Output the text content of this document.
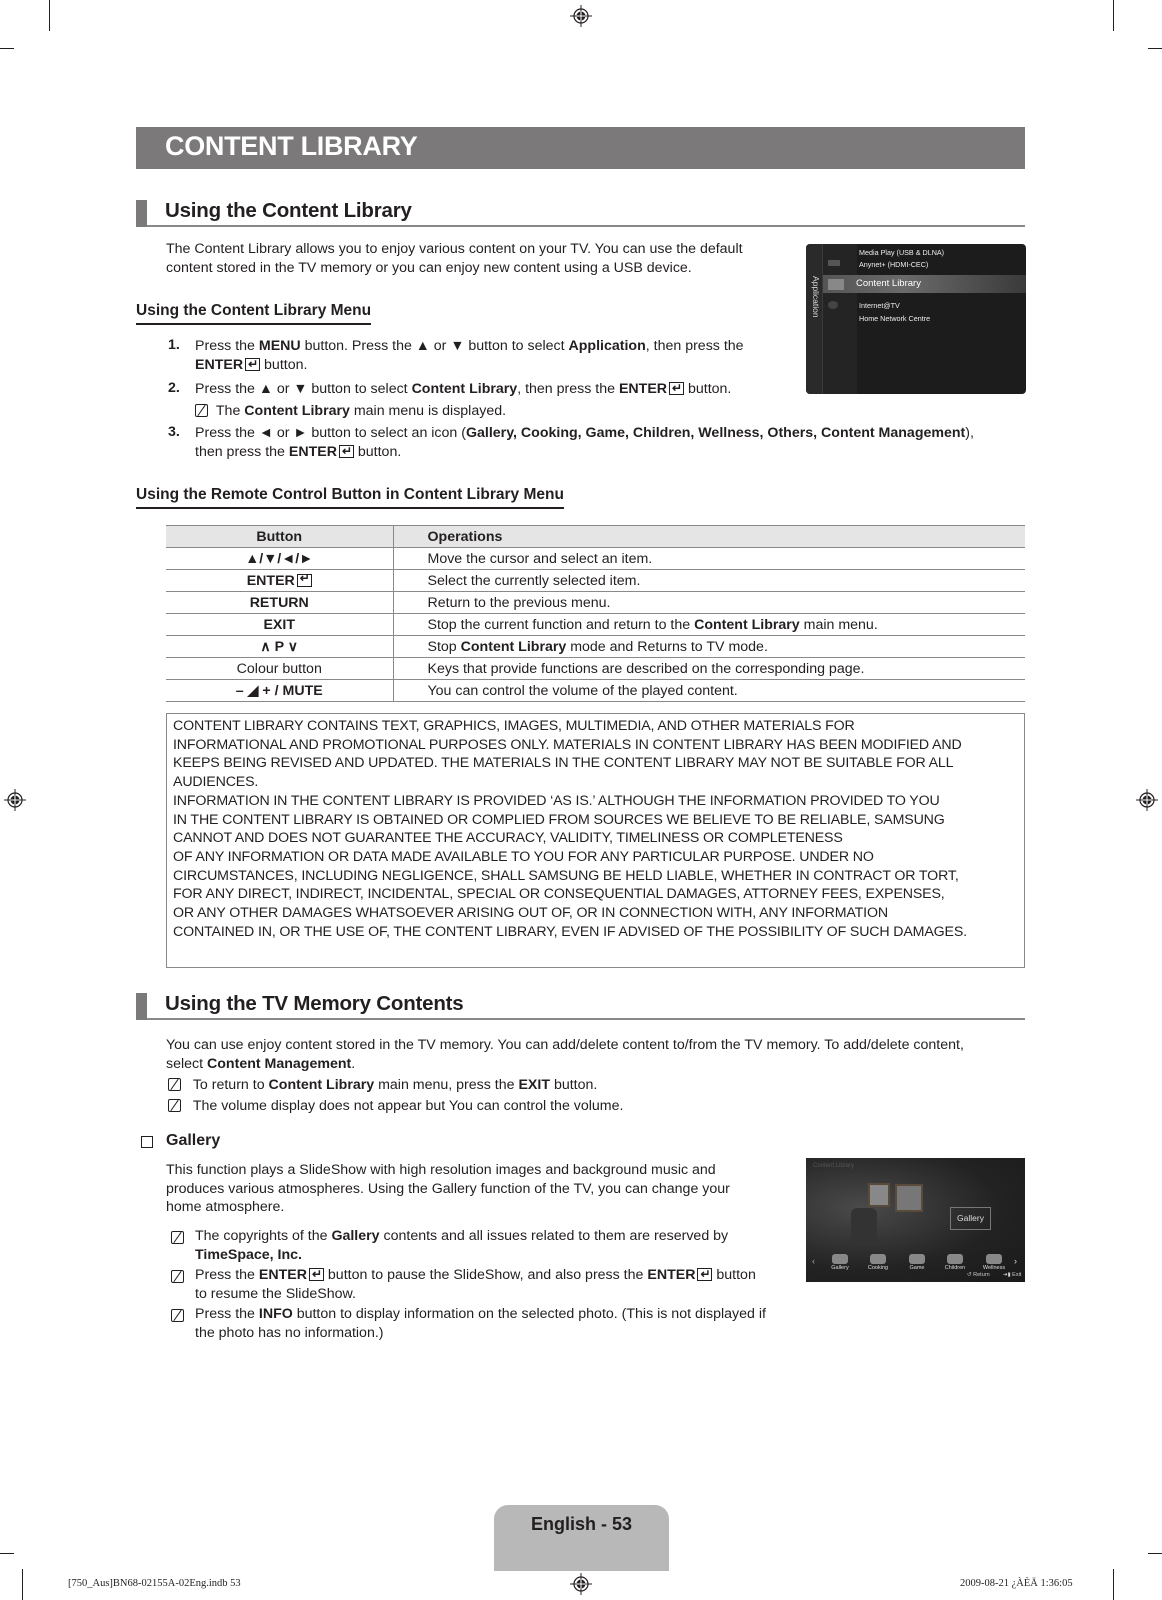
CONTENT LIBRARY
Using the Content Library
The Content Library allows you to enjoy various content on your TV. You can use the default
content stored in the TV memory or you can enjoy new content using a USB device.
Using the Content Library Menu
1. Press the MENU button. Press the ▲ or ▼ button to select Application, then press the
ENTER↵ button.
2. Press the ▲ or ▼ button to select Content Library, then press the ENTER↵ button.
The Content Library main menu is displayed.
3. Press the ◄ or ► button to select an icon (Gallery, Cooking, Game, Children, Wellness, Others, Content Management),
then press the ENTER↵ button.
Application
Media Play (USB & DLNA)
Anynet+ (HDMI-CEC)
Content Library
Internet@TV
Home Network Centre
Using the Remote Control Button in Content Library Menu
Button	Operations
▲/▼/◄/►	Move the cursor and select an item.
ENTER↵	Select the currently selected item.
RETURN	Return to the previous menu.
EXIT	Stop the current function and return to the Content Library main menu.
∧ P ∨	Stop Content Library mode and Returns to TV mode.
Colour button	Keys that provide functions are described on the corresponding page.
– ◢ + / MUTE	You can control the volume of the played content.
CONTENT LIBRARY CONTAINS TEXT, GRAPHICS, IMAGES, MULTIMEDIA, AND OTHER MATERIALS FOR
INFORMATIONAL AND PROMOTIONAL PURPOSES ONLY. MATERIALS IN CONTENT LIBRARY HAS BEEN MODIFIED AND
KEEPS BEING REVISED AND UPDATED. THE MATERIALS IN THE CONTENT LIBRARY MAY NOT BE SUITABLE FOR ALL
AUDIENCES.
INFORMATION IN THE CONTENT LIBRARY IS PROVIDED ‘AS IS.’ ALTHOUGH THE INFORMATION PROVIDED TO YOU
IN THE CONTENT LIBRARY IS OBTAINED OR COMPLIED FROM SOURCES WE BELIEVE TO BE RELIABLE, SAMSUNG
CANNOT AND DOES NOT GUARANTEE THE ACCURACY, VALIDITY, TIMELINESS OR COMPLETENESS
OF ANY INFORMATION OR DATA MADE AVAILABLE TO YOU FOR ANY PARTICULAR PURPOSE. UNDER NO
CIRCUMSTANCES, INCLUDING NEGLIGENCE, SHALL SAMSUNG BE HELD LIABLE, WHETHER IN CONTRACT OR TORT,
FOR ANY DIRECT, INDIRECT, INCIDENTAL, SPECIAL OR CONSEQUENTIAL DAMAGES, ATTORNEY FEES, EXPENSES,
OR ANY OTHER DAMAGES WHATSOEVER ARISING OUT OF, OR IN CONNECTION WITH, ANY INFORMATION
CONTAINED IN, OR THE USE OF, THE CONTENT LIBRARY, EVEN IF ADVISED OF THE POSSIBILITY OF SUCH DAMAGES.
Using the TV Memory Contents
You can use enjoy content stored in the TV memory. You can add/delete content to/from the TV memory. To add/delete content,
select Content Management.
To return to Content Library main menu, press the EXIT button.
The volume display does not appear but You can control the volume.
Gallery
This function plays a SlideShow with high resolution images and background music and
produces various atmospheres. Using the Gallery function of the TV, you can change your
home atmosphere.
The copyrights of the Gallery contents and all issues related to them are reserved by
TimeSpace, Inc.
Press the ENTER↵ button to pause the SlideShow, and also press the ENTER↵ button
to resume the SlideShow.
Press the INFO button to display information on the selected photo. (This is not displayed if
the photo has no information.)
Content Library
Gallery
‹	›
Gallery	Cooking	Game	Children	Wellness
↺ Return ➔▮ Exit
English - 53
[750_Aus]BN68-02155A-02Eng.indb 53	2009-08-21 ¿ÀÈÄ 1:36:05
